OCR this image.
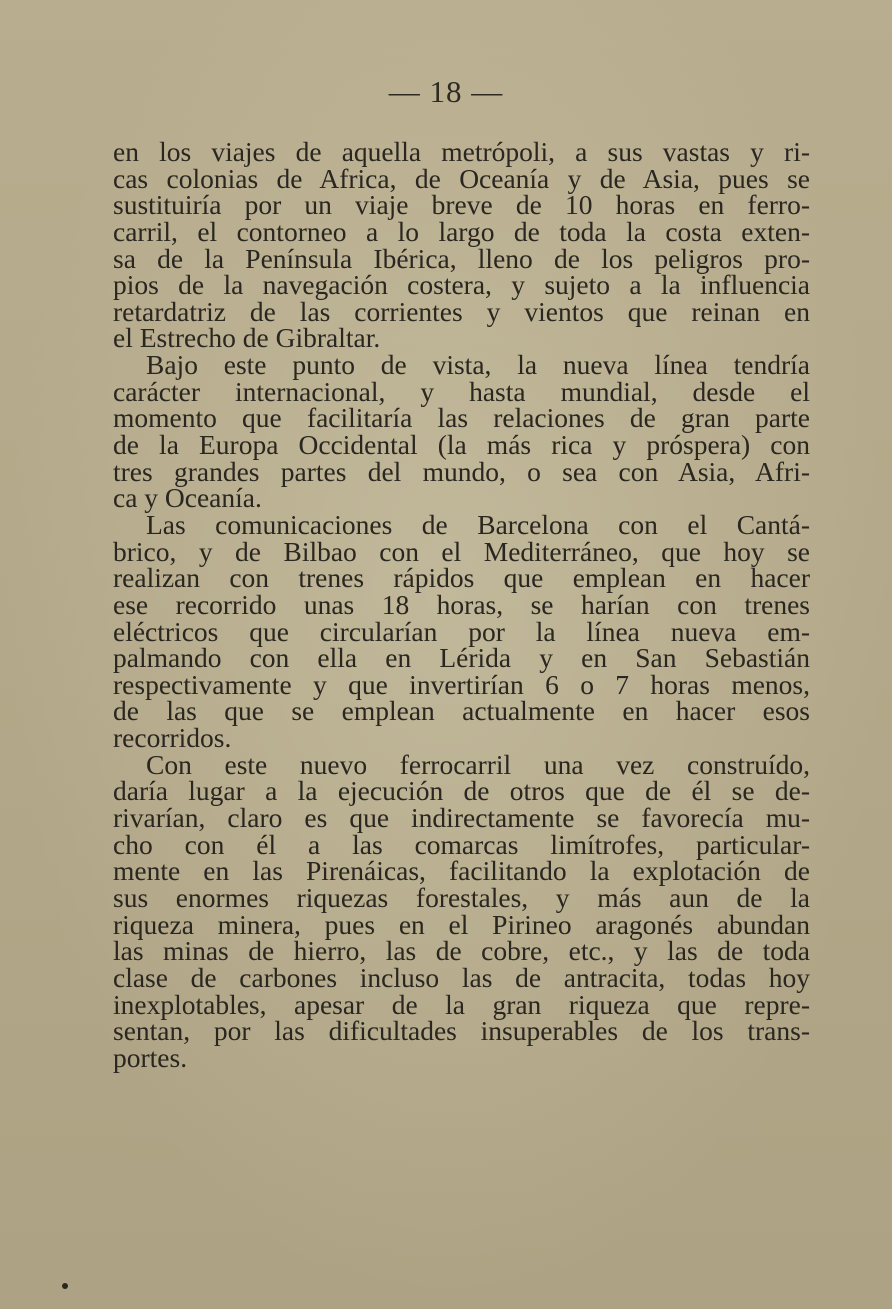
— 18 —
en los viajes de aquella metrópoli, a sus vastas y ri-
cas colonias de Africa, de Oceanía y de Asia, pues se
sustituiría por un viaje breve de 10 horas en ferro-
carril, el contorneo a lo largo de toda la costa exten-
sa de la Península Ibérica, lleno de los peligros pro-
pios de la navegación costera, y sujeto a la influencia
retardatriz de las corrientes y vientos que reinan en
el Estrecho de Gibraltar.
Bajo este punto de vista, la nueva línea tendría
carácter internacional, y hasta mundial, desde el
momento que facilitaría las relaciones de gran parte
de la Europa Occidental (la más rica y próspera) con
tres grandes partes del mundo, o sea con Asia, Afri-
ca y Oceanía.
Las comunicaciones de Barcelona con el Cantá-
brico, y de Bilbao con el Mediterráneo, que hoy se
realizan con trenes rápidos que emplean en hacer
ese recorrido unas 18 horas, se harían con trenes
eléctricos que circularían por la línea nueva em-
palmando con ella en Lérida y en San Sebastián
respectivamente y que invertirían 6 o 7 horas menos,
de las que se emplean actualmente en hacer esos
recorridos.
Con este nuevo ferrocarril una vez construído,
daría lugar a la ejecución de otros que de él se de-
rivarían, claro es que indirectamente se favorecía mu-
cho con él a las comarcas limítrofes, particular-
mente en las Pirenáicas, facilitando la explotación de
sus enormes riquezas forestales, y más aun de la
riqueza minera, pues en el Pirineo aragonés abundan
las minas de hierro, las de cobre, etc., y las de toda
clase de carbones incluso las de antracita, todas hoy
inexplotables, apesar de la gran riqueza que repre-
sentan, por las dificultades insuperables de los trans-
portes.
